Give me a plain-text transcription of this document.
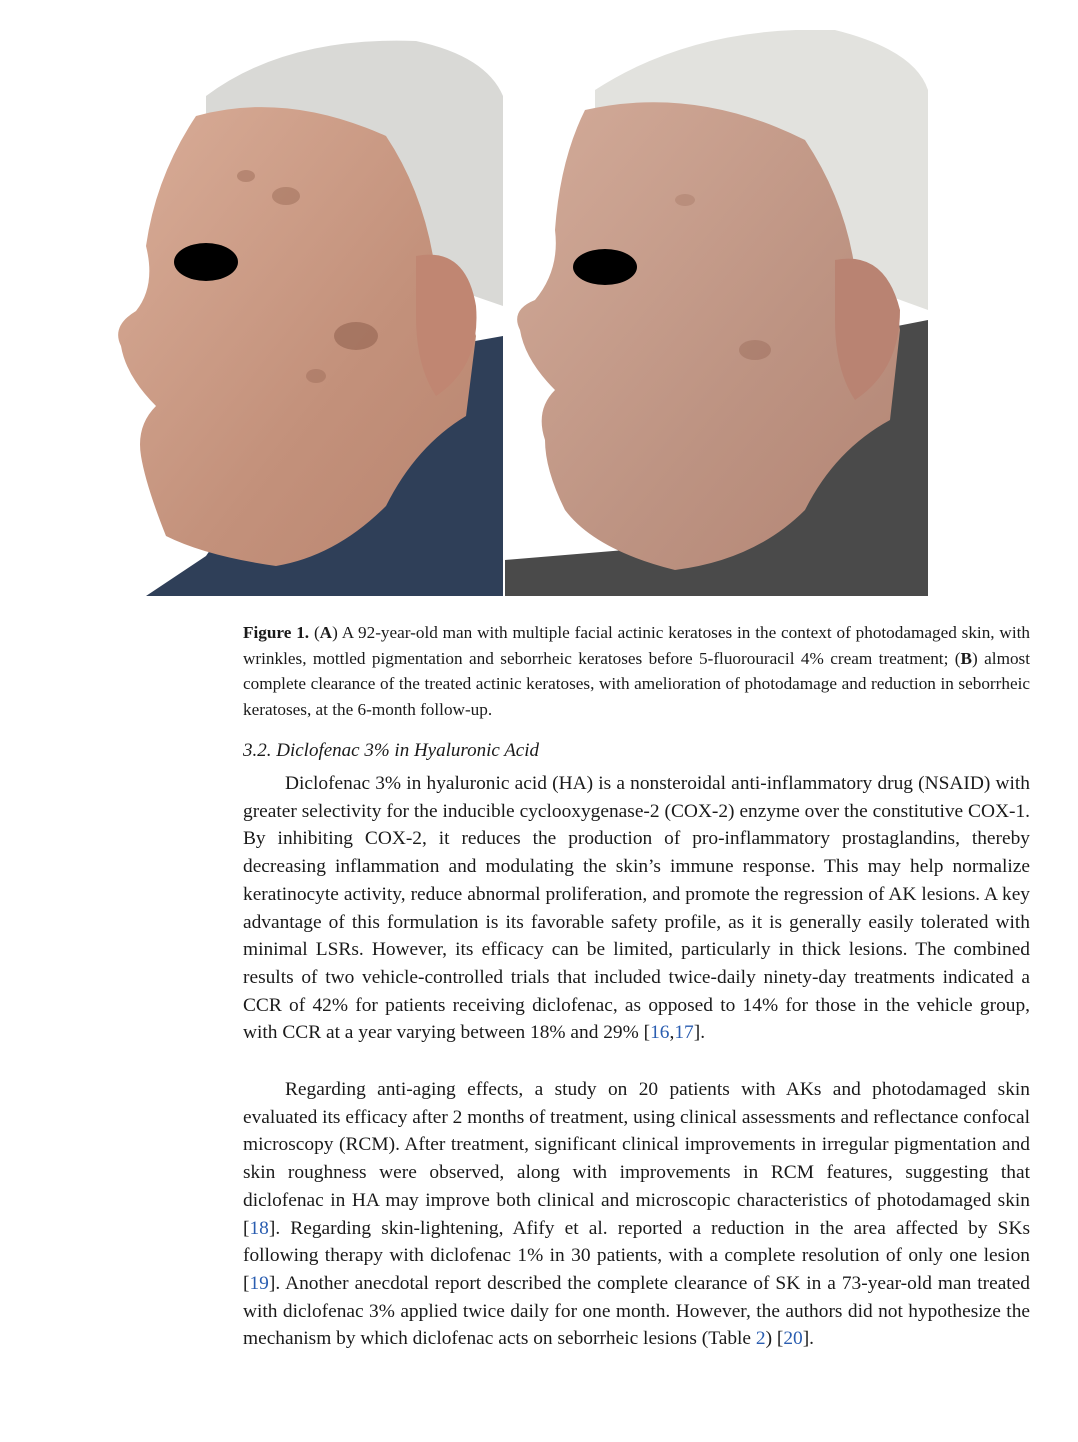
Figure 1. (A) A 92-year-old man with multiple facial actinic keratoses in the context of photodamaged skin, with wrinkles, mottled pigmentation and seborrheic keratoses before 5-fluorouracil 4% cream treatment; (B) almost complete clearance of the treated actinic keratoses, with amelioration of photodamage and reduction in seborrheic keratoses, at the 6-month follow-up.

3.2. Diclofenac 3% in Hyaluronic Acid

Diclofenac 3% in hyaluronic acid (HA) is a nonsteroidal anti-inflammatory drug (NSAID) with greater selectivity for the inducible cyclooxygenase-2 (COX-2) enzyme over the constitutive COX-1. By inhibiting COX-2, it reduces the production of pro-inflammatory prostaglandins, thereby decreasing inflammation and modulating the skin’s immune response. This may help normalize keratinocyte activity, reduce abnormal proliferation, and promote the regression of AK lesions. A key advantage of this formulation is its favorable safety profile, as it is generally easily tolerated with minimal LSRs. However, its efficacy can be limited, particularly in thick lesions. The combined results of two vehicle-controlled trials that included twice-daily ninety-day treatments indicated a CCR of 42% for patients receiving diclofenac, as opposed to 14% for those in the vehicle group, with CCR at a year varying between 18% and 29% [16,17].

Regarding anti-aging effects, a study on 20 patients with AKs and photodamaged skin evaluated its efficacy after 2 months of treatment, using clinical assessments and reflectance confocal microscopy (RCM). After treatment, significant clinical improvements in irregular pigmentation and skin roughness were observed, along with improvements in RCM features, suggesting that diclofenac in HA may improve both clinical and microscopic characteristics of photodamaged skin [18]. Regarding skin-lightening, Afify et al. reported a reduction in the area affected by SKs following therapy with diclofenac 1% in 30 patients, with a complete resolution of only one lesion [19]. Another anecdotal report described the complete clearance of SK in a 73-year-old man treated with diclofenac 3% applied twice daily for one month. However, the authors did not hypothesize the mechanism by which diclofenac acts on seborrheic lesions (Table 2) [20].
